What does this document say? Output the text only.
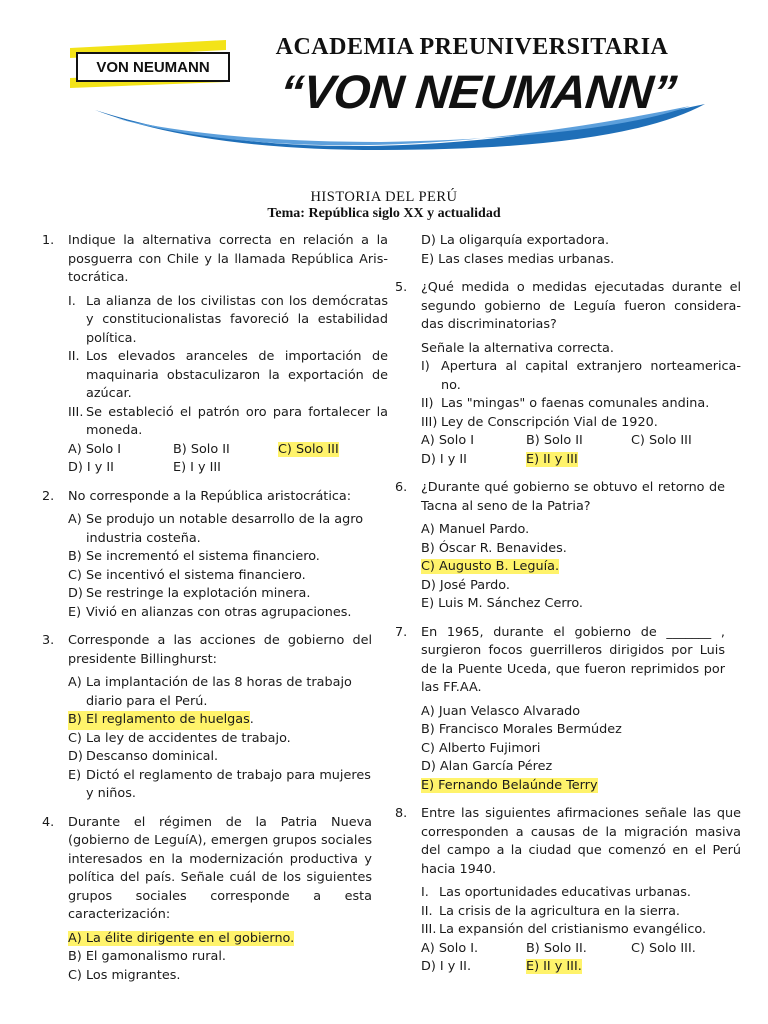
VON NEUMANN
ACADEMIA PREUNIVERSITARIA
“VON NEUMANN”
HISTORIA DEL PERÚ
Tema: República siglo XX y actualidad
1.	Indique la alternativa correcta en relación a la posguerra con Chile y la llamada República Aris-tocrática.
I. La alianza de los civilistas con los demócratas y constitucionalistas favoreció la estabilidad política.
II. Los elevados aranceles de importación de maquinaria obstaculizaron la exportación de azúcar.
III. Se estableció el patrón oro para fortalecer la moneda.
A) Solo I	B) Solo II	C) Solo III
D) I y II	E) I y III
2.	No corresponde a la República aristocrática:
A) Se produjo un notable desarrollo de la agro industria costeña.
B) Se incrementó el sistema financiero.
C) Se incentivó el sistema financiero.
D) Se restringe la explotación minera.
E) Vivió en alianzas con otras agrupaciones.
3.	Corresponde a las acciones de gobierno del presidente Billinghurst:
A) La implantación de las 8 horas de trabajo diario para el Perú.
B) El reglamento de huelgas .
C) La ley de accidentes de trabajo.
D) Descanso dominical.
E) Dictó el reglamento de trabajo para mujeres y niños.
4.	Durante el régimen de la Patria Nueva (gobierno de LeguíA), emergen grupos sociales interesados en la modernización productiva y política del país. Señale cuál de los siguientes grupos sociales corresponde a esta caracterización:
A) La élite dirigente en el gobierno.
B) El gamonalismo rural.
C) Los migrantes.
D) La oligarquía exportadora.
E) Las clases medias urbanas.
5.	¿Qué medida o medidas ejecutadas durante el segundo gobierno de Leguía fueron considera-das discriminatorias?
Señale la alternativa correcta.
I) Apertura al capital extranjero norteamerica-no.
II) Las "mingas" o faenas comunales andina.
III) Ley de Conscripción Vial de 1920.
A) Solo I	B) Solo II	C) Solo III
D) I y II	E) II y III
6.	¿Durante qué gobierno se obtuvo el retorno de Tacna al seno de la Patria?
A) Manuel Pardo.
B) Óscar R. Benavides.
C) Augusto B. Leguía.
D) José Pardo.
E) Luis M. Sánchez Cerro.
7.	En 1965, durante el gobierno de _______ , surgieron focos guerrilleros dirigidos por Luis de la Puente Uceda, que fueron reprimidos por las FF.AA.
A) Juan Velasco Alvarado
B) Francisco Morales Bermúdez
C) Alberto Fujimori
D) Alan García Pérez
E) Fernando Belaúnde Terry
8.	Entre las siguientes afirmaciones señale las que corresponden a causas de la migración masiva del campo a la ciudad que comenzó en el Perú hacia 1940.
I. Las oportunidades educativas urbanas.
II. La crisis de la agricultura en la sierra.
III. La expansión del cristianismo evangélico.
A) Solo I.	B) Solo II.	C) Solo III.
D) I y II.	E) II y III.
